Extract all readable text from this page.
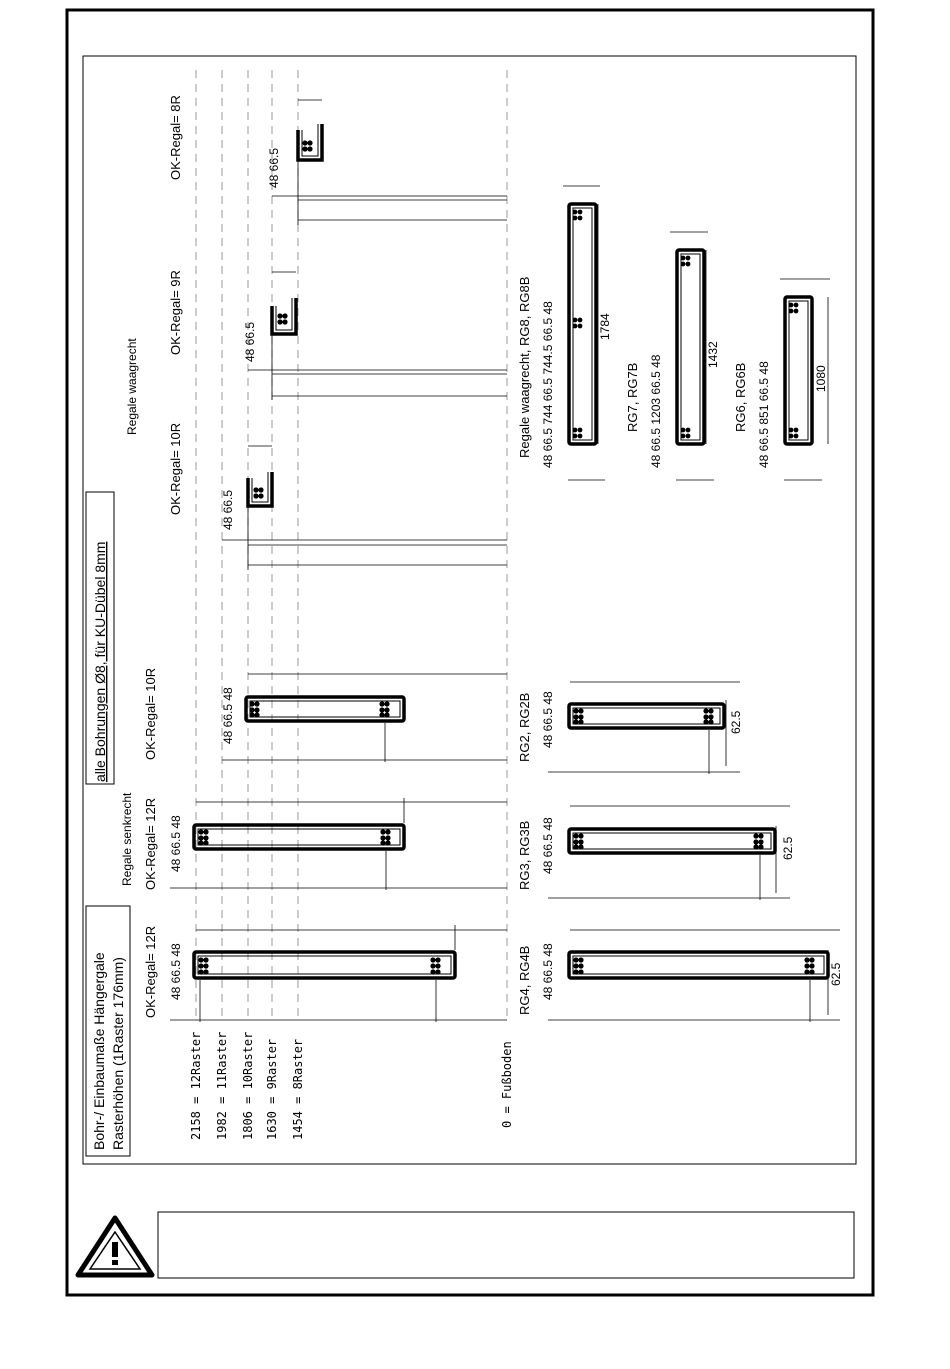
Bohr-/ Einbaumaße Hängergale Rasterhöhen (1Raster 176mm)
alle Bohrungen Ø8, für KU-Dübel 8mm
Regale senkrecht
Regale waagrecht
2158 = 12Raster 1982 = 11Raster 1806 = 10Raster 1630 = 9Raster 1454 = 8Raster	0 = Fußboden
OK-Regal= 12R 48 66.5 48
OK-Regal= 12R 48 66.5 48
OK-Regal= 10R	48 66.5 48
RG4, RG4B 48 66.5 48	62.5
RG3, RG3B 48 66.5 48	62.5
RG2, RG2B 48 66.5 48	62.5
OK-Regal= 10R	48 66.5
OK-Regal= 9R	48 66.5
OK-Regal= 8R	48 66.5
Regale waagrecht, RG8, RG8B 48 66.5 744 66.5 744.5 66.5 48	1784
RG7, RG7B 48 66.5 1203 66.5 48	1432
RG6, RG6B 48 66.5 851 66.5 48	1080
